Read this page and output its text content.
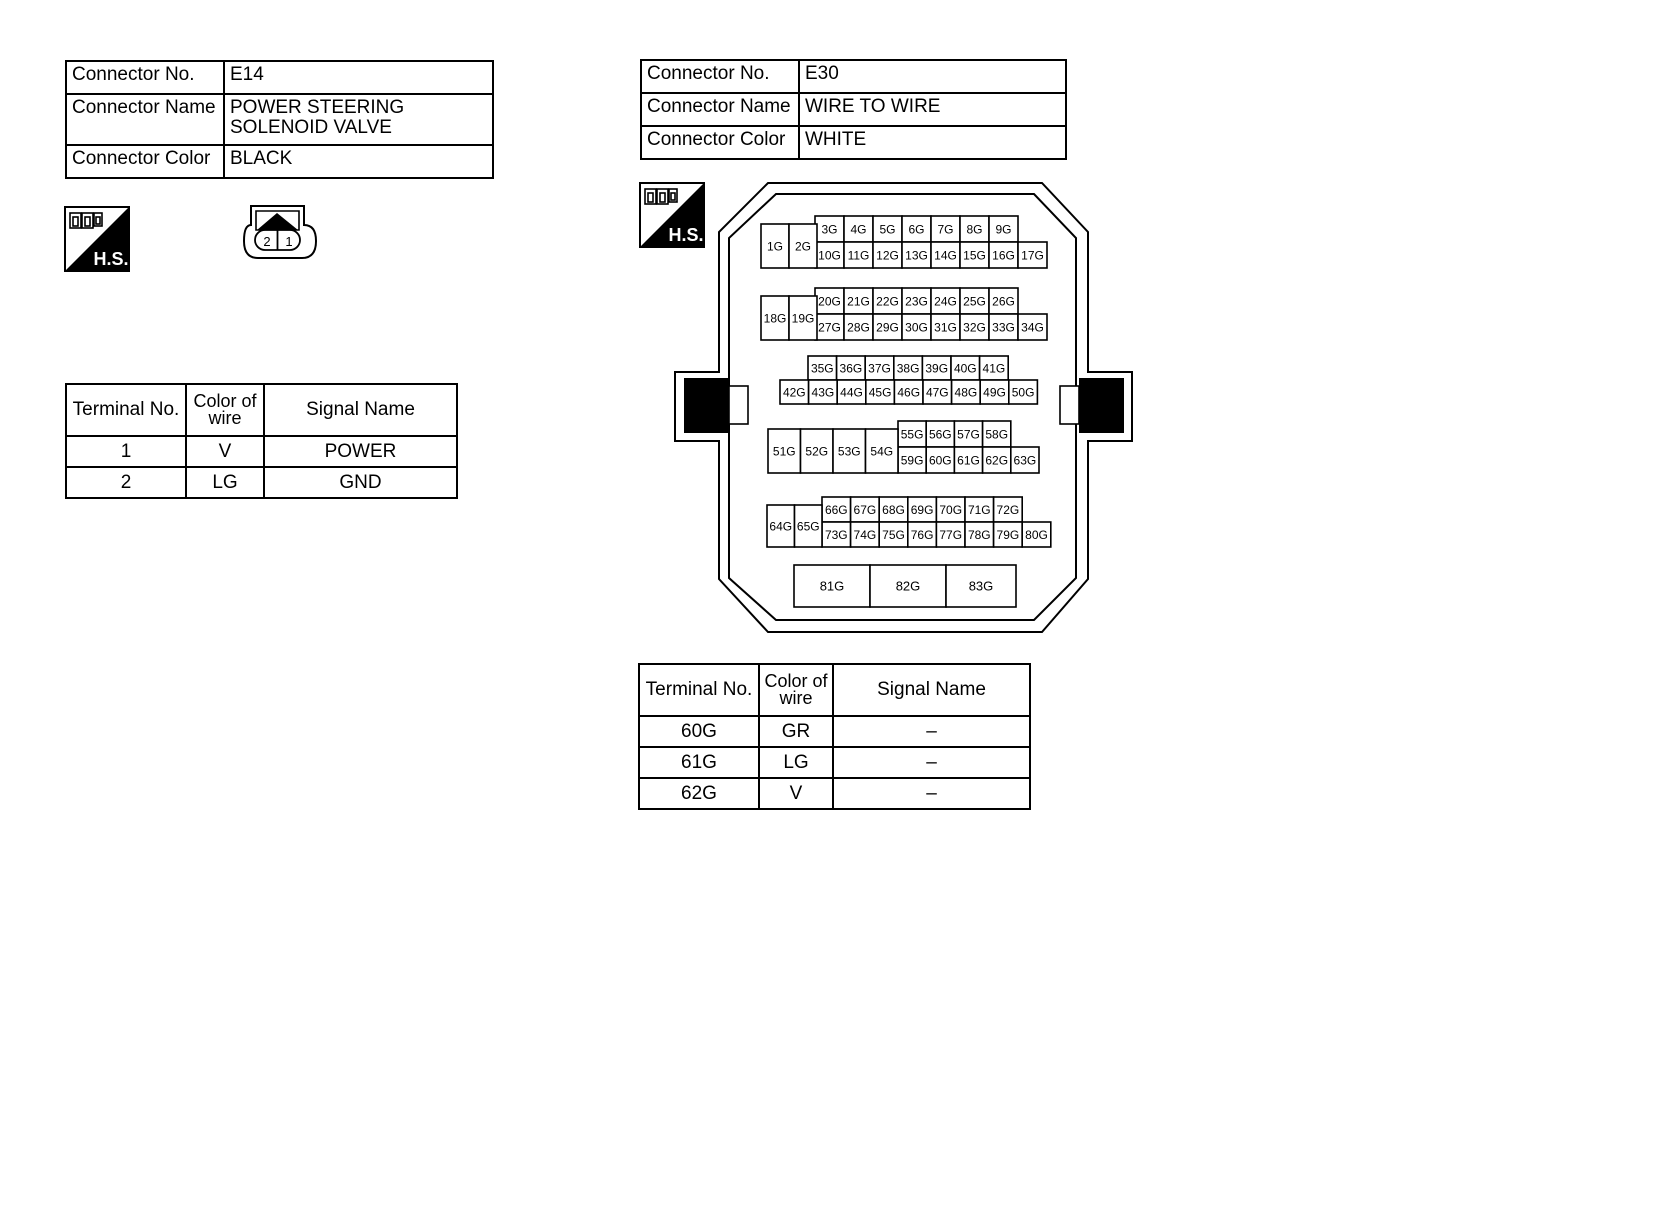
Connector No.	E14
Connector Name	POWER STEERING
SOLENOID VALVE
Connector Color	BLACK
H.S.
2 1
Terminal No.	Color of wire	Signal Name
1	V	POWER
2	LG	GND
Connector No.	E30
Connector Name	WIRE TO WIRE
Connector Color	WHITE
H.S.	3G 4G 5G 6G 7G 8G 9G
10G 11G 12G 13G 14G 15G 16G 17G
1G 2G
20G 21G 22G 23G 24G 25G 26G
27G 28G 29G 30G 31G 32G 33G 34G
18G 19G
35G 36G 37G 38G 39G 40G 41G
42G 43G 44G 45G 46G 47G 48G 49G 50G
55G 56G 57G 58G
59G 60G 61G 62G 63G
51G 52G 53G 54G
66G 67G 68G 69G 70G 71G 72G
73G 74G 75G 76G 77G 78G 79G 80G
64G 65G
81G	82G	83G
Terminal No.	Color of wire	Signal Name
60G	GR	–
61G	LG	–
62G	V	–
